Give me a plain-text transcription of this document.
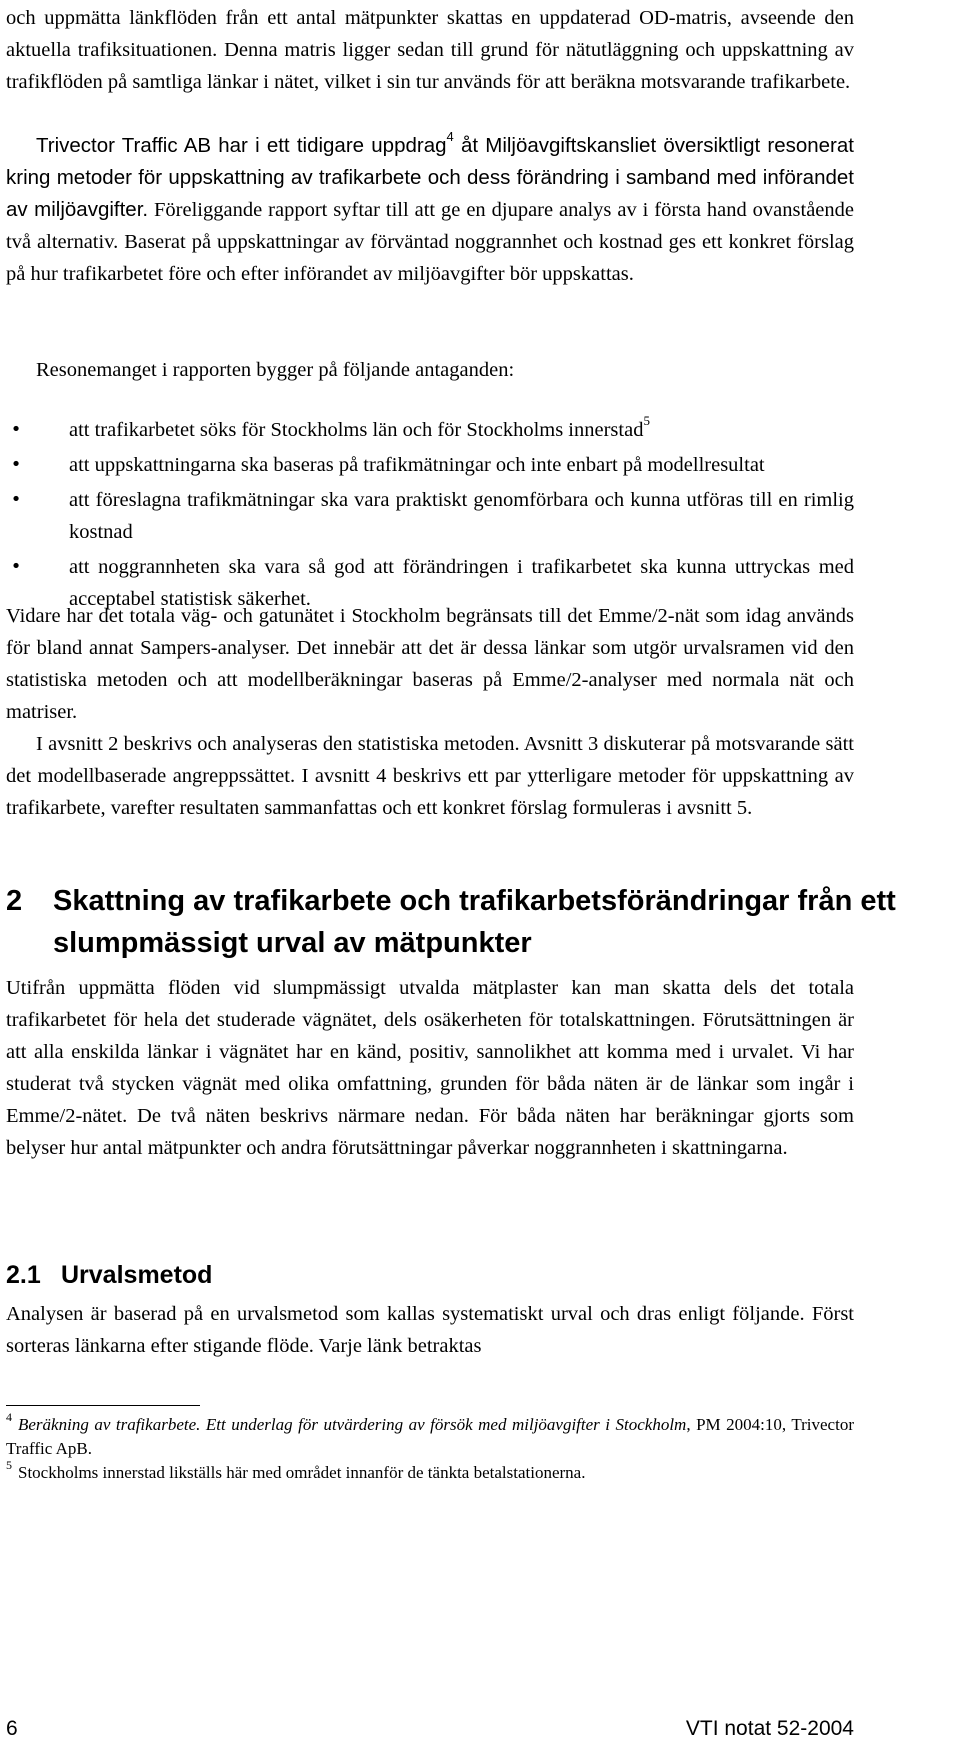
och uppmätta länkflöden från ett antal mätpunkter skattas en uppdaterad OD-matris, avseende den aktuella trafiksituationen. Denna matris ligger sedan till grund för nätutläggning och uppskattning av trafikflöden på samtliga länkar i nätet, vilket i sin tur används för att beräkna motsvarande trafikarbete.

Trivector Traffic AB har i ett tidigare uppdrag$^4$ åt Miljöavgiftskansliet översiktligt resonerat kring metoder för uppskattning av trafikarbete och dess förändring i samband med införandet av miljöavgifter. Föreliggande rapport syftar till att ge en djupare analys av i första hand ovanstående två alternativ. Baserat på uppskattningar av förväntad noggrannhet och kostnad ges ett konkret förslag på hur trafikarbetet före och efter införandet av miljöavgifter bör uppskattas.

Resonemanget i rapporten bygger på följande antaganden:

• att trafikarbetet söks för Stockholms län och för Stockholms innerstad$^5$
• att uppskattningarna ska baseras på trafikmätningar och inte enbart på modellresultat
• att föreslagna trafikmätningar ska vara praktiskt genomförbara och kunna utföras till en rimlig kostnad
• att noggrannheten ska vara så god att förändringen i trafikarbetet ska kunna uttryckas med acceptabel statistisk säkerhet.

Vidare har det totala väg- och gatunätet i Stockholm begränsats till det Emme/2-nät som idag används för bland annat Sampers-analyser. Det innebär att det är dessa länkar som utgör urvalsramen vid den statistiska metoden och att modellberäkningar baseras på Emme/2-analyser med normala nät och matriser.

I avsnitt 2 beskrivs och analyseras den statistiska metoden. Avsnitt 3 diskuterar på motsvarande sätt det modellbaserade angreppssättet. I avsnitt 4 beskrivs ett par ytterligare metoder för uppskattning av trafikarbete, varefter resultaten sammanfattas och ett konkret förslag formuleras i avsnitt 5.

2 Skattning av trafikarbete och trafikarbetsförändringar från ett slumpmässigt urval av mätpunkter

Utifrån uppmätta flöden vid slumpmässigt utvalda mätplaster kan man skatta dels det totala trafikarbetet för hela det studerade vägnätet, dels osäkerheten för totalskattningen. Förutsättningen är att alla enskilda länkar i vägnätet har en känd, positiv, sannolikhet att komma med i urvalet. Vi har studerat två stycken vägnät med olika omfattning, grunden för båda näten är de länkar som ingår i Emme/2-nätet. De två näten beskrivs närmare nedan. För båda näten har beräkningar gjorts som belyser hur antal mätpunkter och andra förutsättningar påverkar noggrannheten i skattningarna.

2.1 Urvalsmetod

Analysen är baserad på en urvalsmetod som kallas systematiskt urval och dras enligt följande. Först sorteras länkarna efter stigande flöde. Varje länk betraktas

$^4$ Beräkning av trafikarbete. Ett underlag för utvärdering av försök med miljöavgifter i Stockholm, PM 2004:10, Trivector Traffic ApB.

$^5$ Stockholms innerstad likställs här med området innanför de tänkta betalstationerna.

6	VTI notat 52-2004
